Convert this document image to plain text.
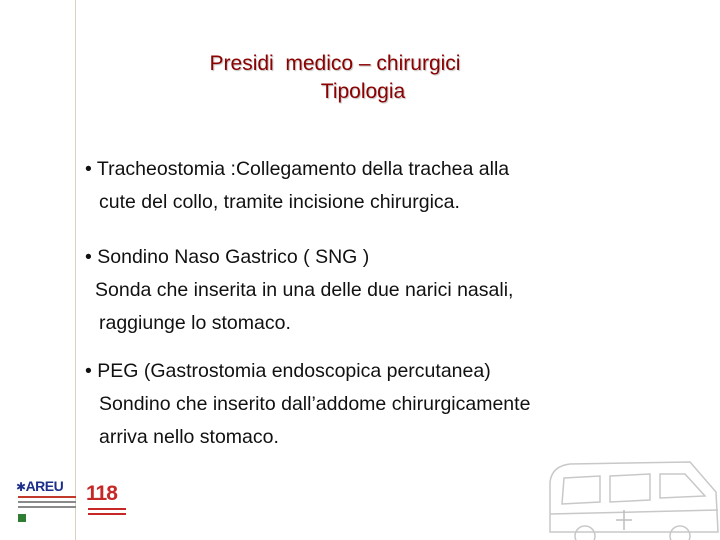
Presidi  medico – chirurgici
Tipologia
• Tracheostomia :Collegamento della trachea alla
cute del collo, tramite incisione chirurgica.
• Sondino Naso Gastrico ( SNG )
Sonda che inserita in una delle due narici nasali,
raggiunge lo stomaco.
• PEG (Gastrostomia endoscopica percutanea)
Sondino che inserito dall’addome chirurgicamente
arriva nello stomaco.
✱AREU 118
